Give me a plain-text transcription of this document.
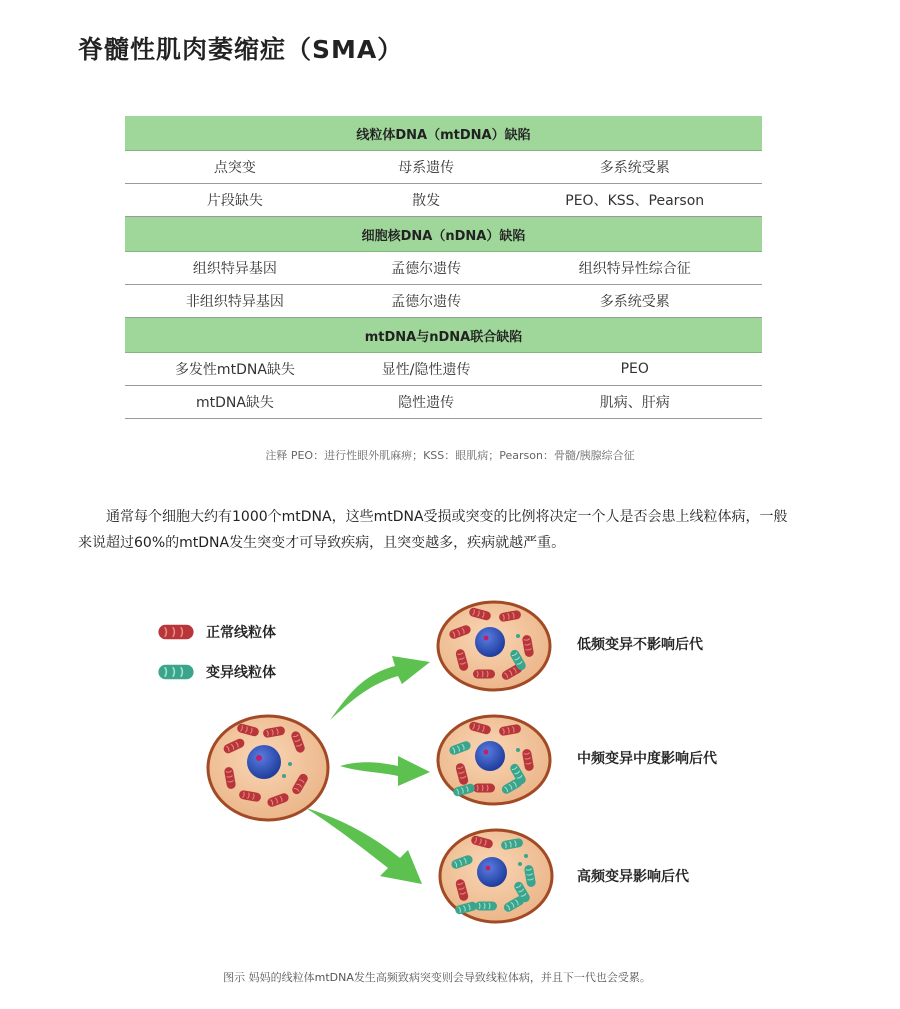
脊髓性肌肉萎缩症（SMA）
线粒体DNA（mtDNA）缺陷		
点突变	母系遗传	多系统受累
片段缺失	散发	PEO、KSS、Pearson
细胞核DNA（nDNA）缺陷		
组织特异基因	孟德尔遗传	组织特异性综合征
非组织特异基因	孟德尔遗传	多系统受累
mtDNA与nDNA联合缺陷		
多发性mtDNA缺失	显性/隐性遗传	PEO
mtDNA缺失	隐性遗传	肌病、肝病
注释 PEO：进行性眼外肌麻痹；KSS：眼肌病；Pearson：骨髓/胰腺综合征
通常每个细胞大约有1000个mtDNA，这些mtDNA受损或突变的比例将决定一个人是否会患上线粒体病，一般来说超过60%的mtDNA发生突变才可导致疾病，且突变越多，疾病就越严重。
正常线粒体
变异线粒体
低频变异不影响后代
中频变异中度影响后代
高频变异影响后代
图示 妈妈的线粒体mtDNA发生高频致病突变则会导致线粒体病，并且下一代也会受累。
